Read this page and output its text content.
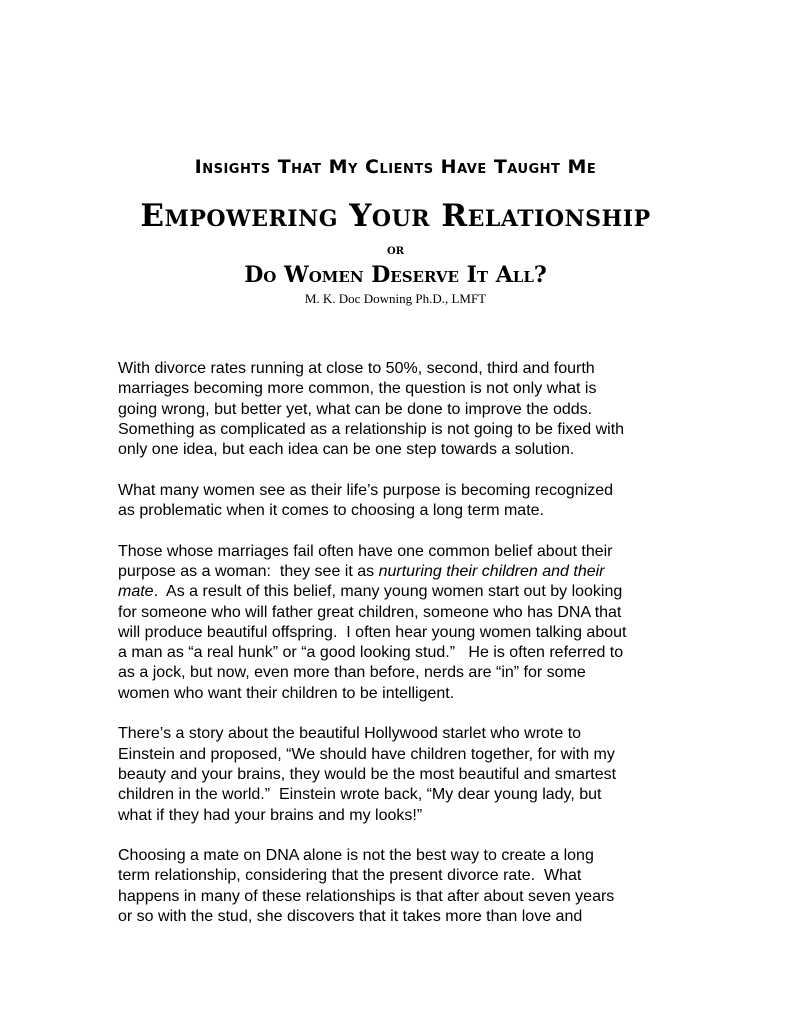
Insights That My Clients Have Taught Me
Empowering Your Relationship
or
Do Women Deserve It All?
M. K. Doc Downing Ph.D., LMFT

With divorce rates running at close to 50%, second, third and fourth
marriages becoming more common, the question is not only what is
going wrong, but better yet, what can be done to improve the odds.
Something as complicated as a relationship is not going to be fixed with
only one idea, but each idea can be one step towards a solution.

What many women see as their life’s purpose is becoming recognized
as problematic when it comes to choosing a long term mate.

Those whose marriages fail often have one common belief about their
purpose as a woman:  they see it as nurturing their children and their
mate.  As a result of this belief, many young women start out by looking
for someone who will father great children, someone who has DNA that
will produce beautiful offspring.  I often hear young women talking about
a man as “a real hunk” or “a good looking stud.”   He is often referred to
as a jock, but now, even more than before, nerds are “in” for some
women who want their children to be intelligent.

There’s a story about the beautiful Hollywood starlet who wrote to
Einstein and proposed, “We should have children together, for with my
beauty and your brains, they would be the most beautiful and smartest
children in the world.”  Einstein wrote back, “My dear young lady, but
what if they had your brains and my looks!”

Choosing a mate on DNA alone is not the best way to create a long
term relationship, considering that the present divorce rate.  What
happens in many of these relationships is that after about seven years
or so with the stud, she discovers that it takes more than love and
